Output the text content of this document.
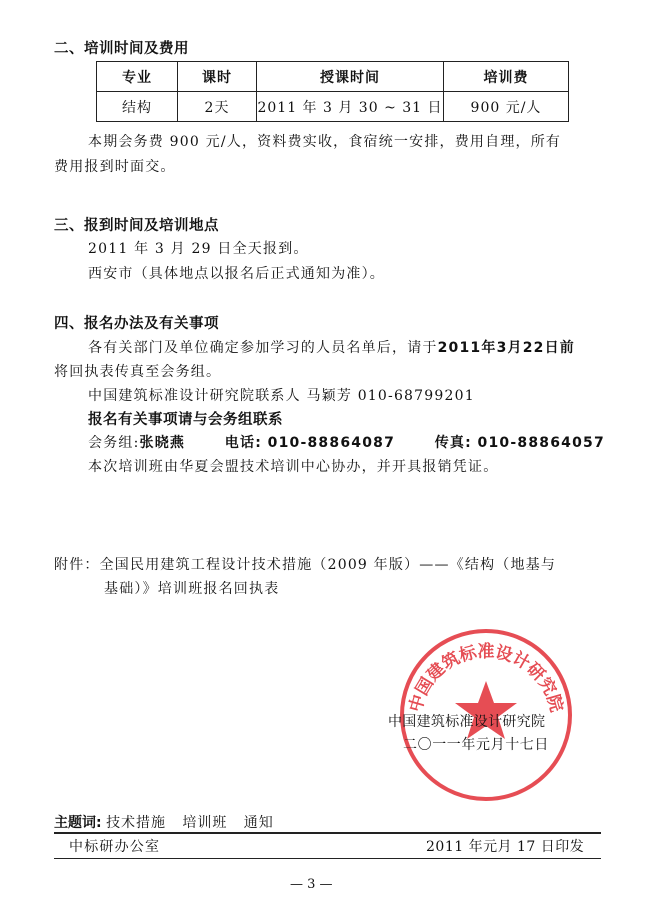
二、培训时间及费用
专业	课时	授课时间	培训费
结构	2天	2011 年 3 月 30 ~ 31 日	900 元/人
本期会务费 900 元/人，资料费实收，食宿统一安排，费用自理，所有
费用报到时面交。
三、报到时间及培训地点
2011 年 3 月 29 日全天报到。
西安市（具体地点以报名后正式通知为准）。
四、报名办法及有关事项
各有关部门及单位确定参加学习的人员名单后，请于2011年3月22日前
将回执表传真至会务组。
中国建筑标准设计研究院联系人 马颖芳 010-68799201
报名有关事项请与会务组联系
会务组:张晓燕	电话: 010-88864087	传真: 010-88864057
本次培训班由华夏会盟技术培训中心协办，并开具报销凭证。
附件：全国民用建筑工程设计技术措施（2009 年版）——《结构（地基与
基础）》培训班报名回执表
中国建筑标准设计研究院
中国建筑标准设计研究院
二〇一一年元月十七日
主题词: 技术措施   培训班   通知
中标研办公室	2011 年元月 17 日印发
— 3 —
